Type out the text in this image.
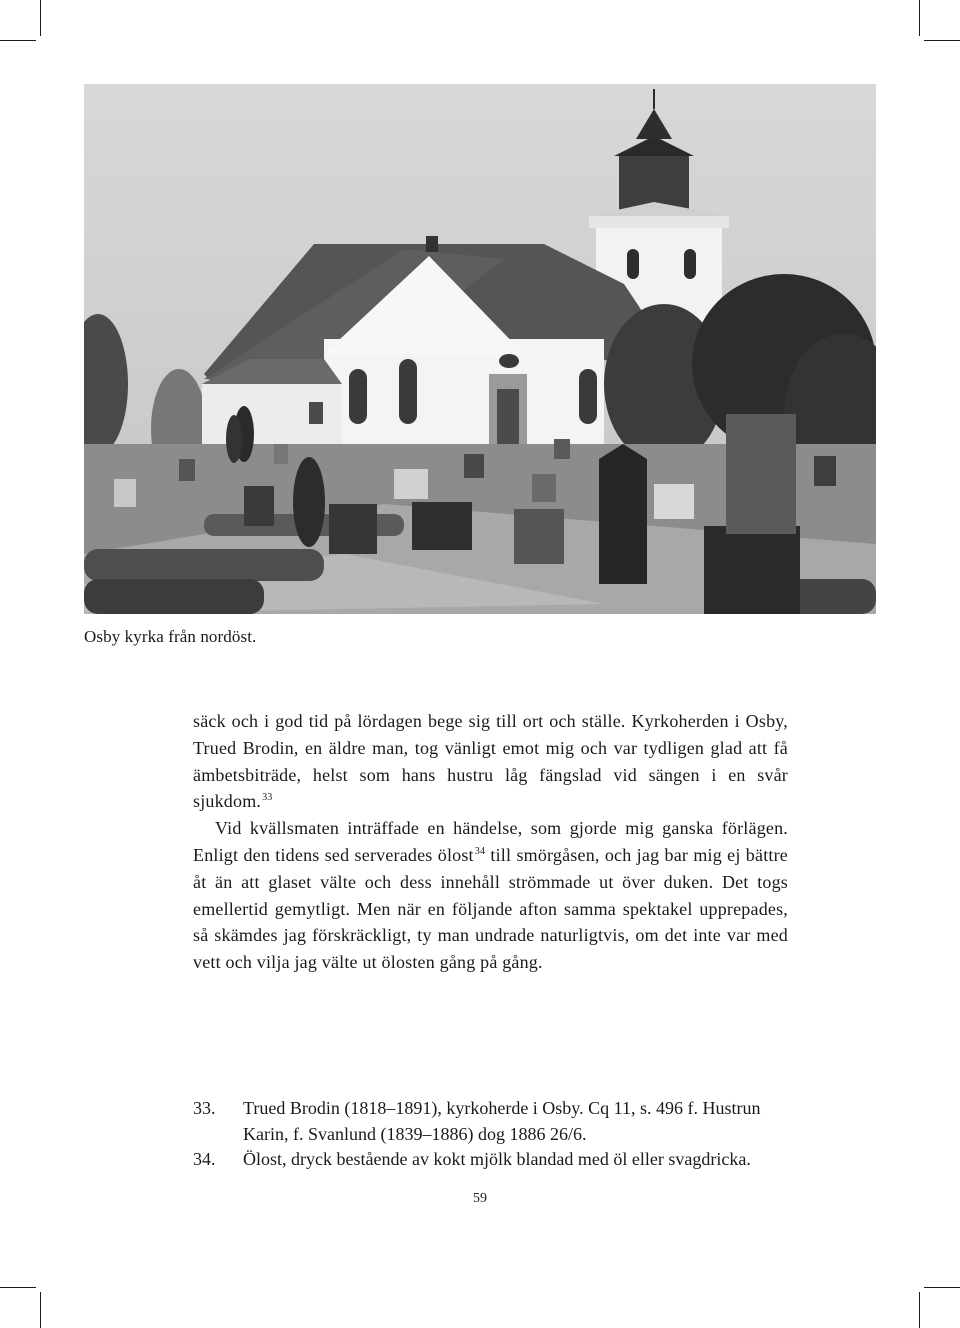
Osby kyrka från nordöst.

säck och i god tid på lördagen bege sig till ort och ställe. Kyrkoherden i Osby, Trued Brodin, en äldre man, tog vänligt emot mig och var tydligen glad att få ämbetsbiträde, helst som hans hustru låg fängslad vid sängen i en svår sjukdom.$^{33}$

Vid kvällsmaten inträffade en händelse, som gjorde mig ganska förlägen. Enligt den tidens sed serverades ölost$^{34}$ till smörgåsen, och jag bar mig ej bättre åt än att glaset välte och dess innehåll strömmade ut över duken. Det togs emellertid gemytligt. Men när en följande afton samma spektakel upprepades, så skämdes jag förskräckligt, ty man undrade naturligtvis, om det inte var med vett och vilja jag välte ut ölosten gång på gång.

33.	Trued Brodin (1818–1891), kyrkoherde i Osby. Cq 11, s. 496 f. Hustrun Karin, f. Svanlund (1839–1886) dog 1886 26/6.
34.	Ölost, dryck bestående av kokt mjölk blandad med öl eller svagdricka.
59
